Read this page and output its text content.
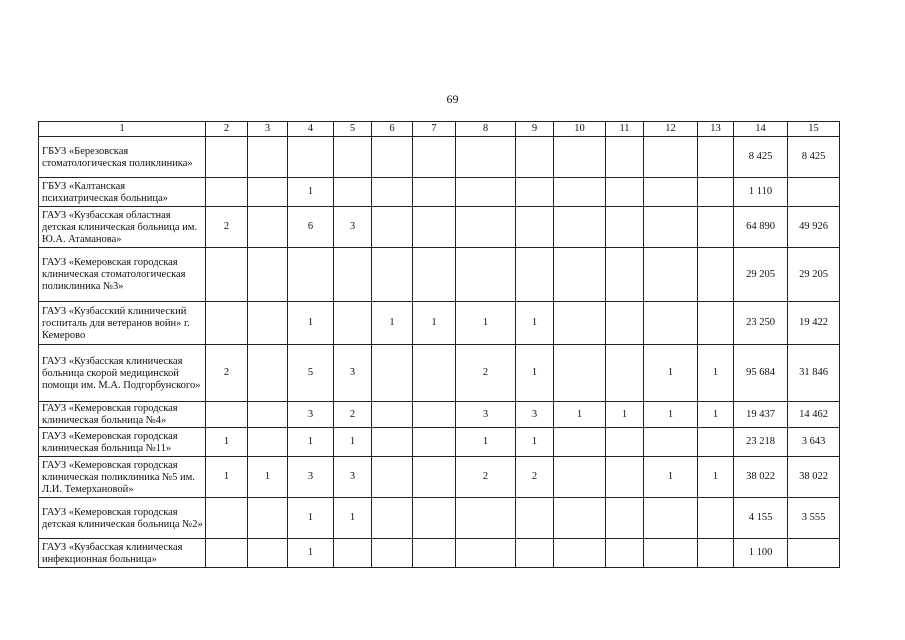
69
1	2	3	4	5	6	7	8	9	10	11	12	13	14	15
ГБУЗ «Березовская стоматологическая поликлиника»													8 425	8 425
ГБУЗ «Калтанская психиатрическая больница»			1										1 110	
ГАУЗ «Кузбасская областная детская клиническая больница им. Ю.А. Атаманова»	2		6	3									64 890	49 926
ГАУЗ «Кемеровская городская клиническая стоматологическая поликлиника №3»													29 205	29 205
ГАУЗ «Кузбасский клинический госпиталь для ветеранов войн» г. Кемерово			1		1	1	1	1					23 250	19 422
ГАУЗ «Кузбасская клиническая больница скорой медицинской помощи им. М.А. Подгорбунского»	2		5	3			2	1			1	1	95 684	31 846
ГАУЗ «Кемеровская городская клиническая больница №4»			3	2			3	3	1	1	1	1	19 437	14 462
ГАУЗ «Кемеровская городская клиническая больница №11»	1		1	1			1	1					23 218	3 643
ГАУЗ «Кемеровская городская клиническая поликлиника №5 им. Л.И. Темерхановой»	1	1	3	3			2	2			1	1	38 022	38 022
ГАУЗ «Кемеровская городская детская клиническая больница №2»			1	1									4 155	3 555
ГАУЗ «Кузбасская клиническая инфекционная больница»			1										1 100	
